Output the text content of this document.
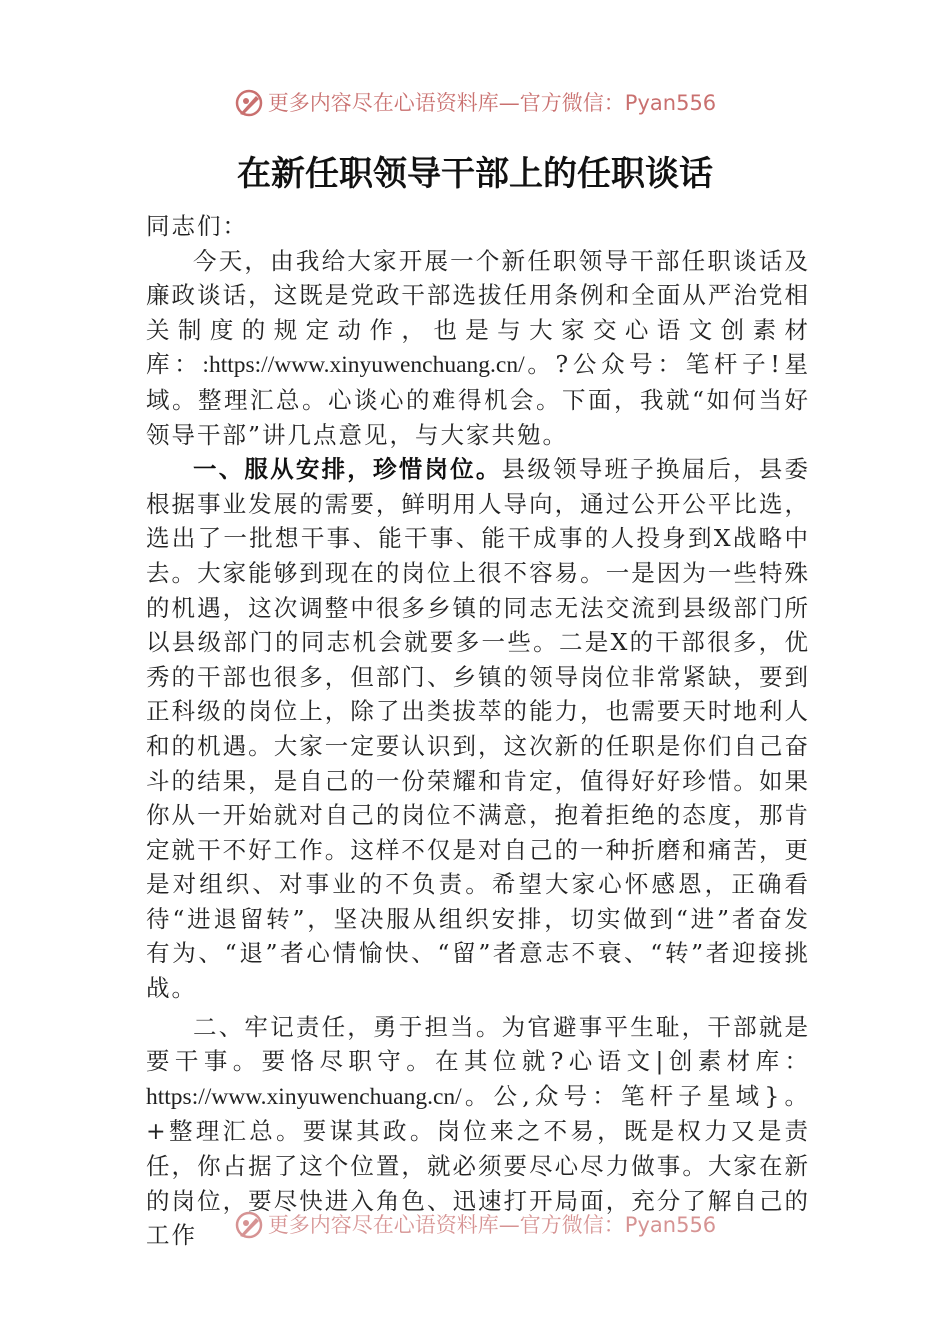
更多内容尽在心语资料库—官方微信：Pyan556
在新任职领导干部上的任职谈话

同志们：

今天，由我给大家开展一个新任职领导干部任职谈话及廉政谈话，这既是党政干部选拔任用条例和全面从严治党相关制度的规定动作，也是与大家交心语文创素材库：:https://www.xinyuwenchuang.cn/。?公众号：笔杆子!星域。整理汇总。心谈心的难得机会。下面，我就“如何当好领导干部”讲几点意见，与大家共勉。

一、服从安排，珍惜岗位。县级领导班子换届后，县委根据事业发展的需要，鲜明用人导向，通过公开公平比选，选出了一批想干事、能干事、能干成事的人投身到X战略中去。大家能够到现在的岗位上很不容易。一是因为一些特殊的机遇，这次调整中很多乡镇的同志无法交流到县级部门所以县级部门的同志机会就要多一些。二是X的干部很多，优秀的干部也很多，但部门、乡镇的领导岗位非常紧缺，要到正科级的岗位上，除了出类拔萃的能力，也需要天时地利人和的机遇。大家一定要认识到，这次新的任职是你们自己奋斗的结果，是自己的一份荣耀和肯定，值得好好珍惜。如果你从一开始就对自己的岗位不满意，抱着拒绝的态度，那肯定就干不好工作。这样不仅是对自己的一种折磨和痛苦，更是对组织、对事业的不负责。希望大家心怀感恩，正确看待“进退留转”，坚决服从组织安排，切实做到“进”者奋发有为、“退”者心情愉快、“留”者意志不衰、“转”者迎接挑战。

二、牢记责任，勇于担当。为官避事平生耻，干部就是要干事。要恪尽职守。在其位就?心语文|创素材库：https://www.xinyuwenchuang.cn/。公,众号：笔杆子星域}。+整理汇总。要谋其政。岗位来之不易，既是权力又是责任，你占据了这个位置，就必须要尽心尽力做事。大家在新的岗位，要尽快进入角色、迅速打开局面，充分了解自己的工作	更多内容尽在心语资料库—官方微信：Pyan556
